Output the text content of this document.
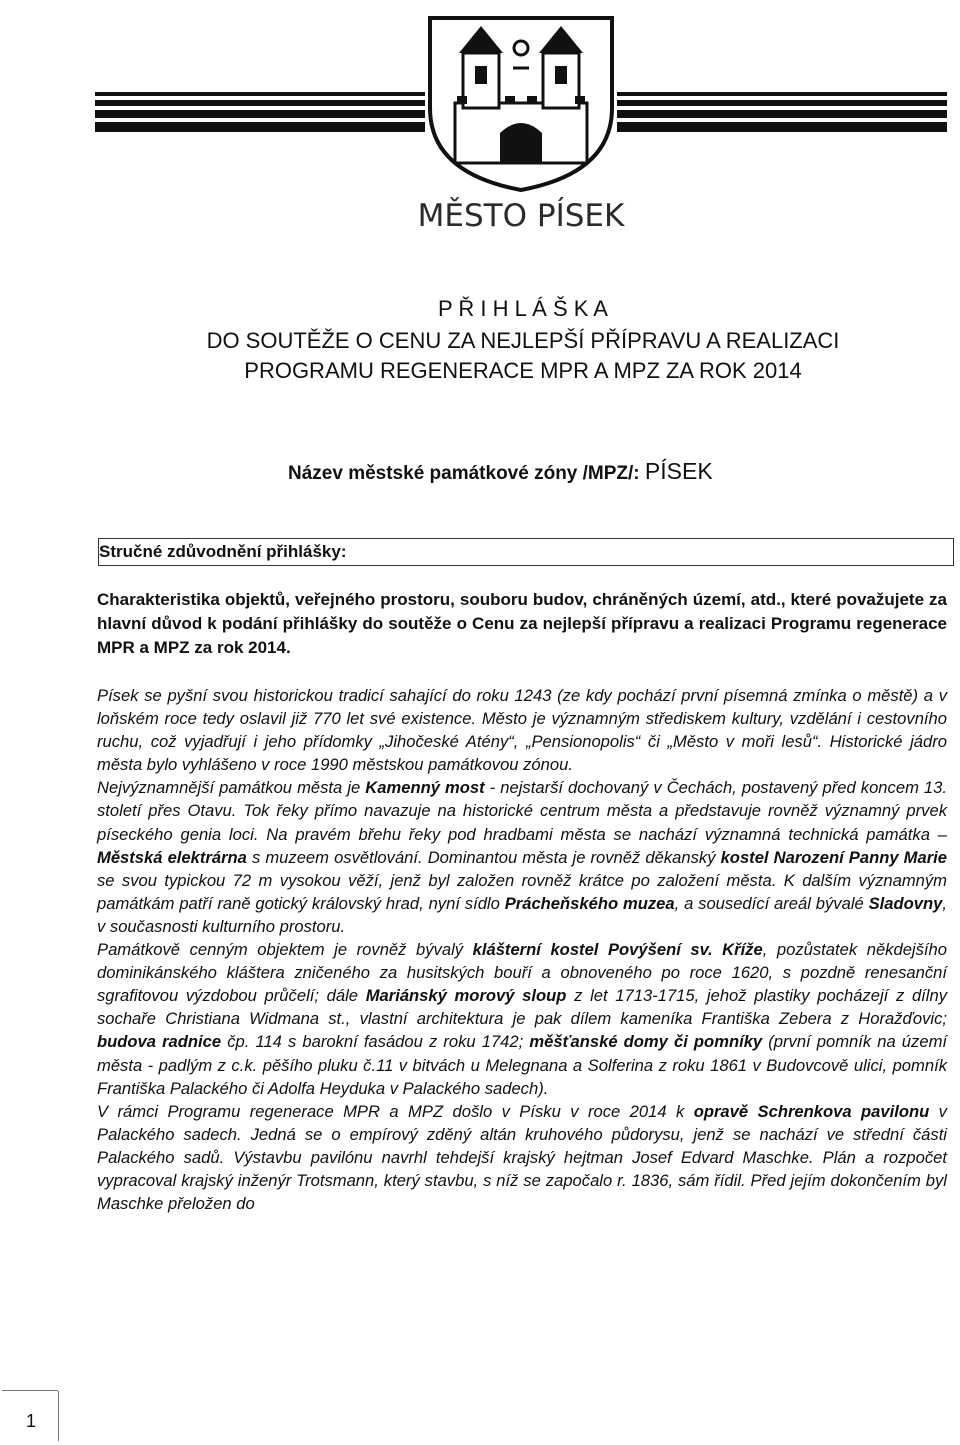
MĚSTO PÍSEK
P Ř I H L Á Š K A
DO SOUTĚŽE O CENU ZA NEJLEPŠÍ PŘÍPRAVU A REALIZACI
PROGRAMU REGENERACE MPR A MPZ ZA ROK 2014
Název městské památkové zóny /MPZ/: PÍSEK
Stručné zdůvodnění přihlášky:
Charakteristika objektů, veřejného prostoru, souboru budov, chráněných území, atd., které považujete za hlavní důvod k podání přihlášky do soutěže o Cenu za nejlepší přípravu a realizaci Programu regenerace MPR a MPZ za rok 2014.

Písek se pyšní svou historickou tradicí sahající do roku 1243 (ze kdy pochází první písemná zmínka o městě) a v loňském roce tedy oslavil již 770 let své existence. Město je významným střediskem kultury, vzdělání i cestovního ruchu, což vyjadřují i jeho přídomky „Jihočeské Atény“, „Pensionopolis“ či „Město v moři lesů“. Historické jádro města bylo vyhlášeno v roce 1990 městskou památkovou zónou.

Nejvýznamnější památkou města je Kamenný most - nejstarší dochovaný v Čechách, postavený před koncem 13. století přes Otavu. Tok řeky přímo navazuje na historické centrum města a představuje rovněž významný prvek píseckého genia loci. Na pravém břehu řeky pod hradbami města se nachází významná technická památka – Městská elektrárna s muzeem osvětlování. Dominantou města je rovněž děkanský kostel Narození Panny Marie se svou typickou 72 m vysokou věží, jenž byl založen rovněž krátce po založení města. K dalším významným památkám patří raně gotický královský hrad, nyní sídlo Prácheňského muzea, a sousedící areál bývalé Sladovny, v současnosti kulturního prostoru.

Památkově cenným objektem je rovněž bývalý klášterní kostel Povýšení sv. Kříže, pozůstatek někdejšího dominikánského kláštera zničeného za husitských bouří a obnoveného po roce 1620, s pozdně renesanční sgrafitovou výzdobou průčelí; dále Mariánský morový sloup z let 1713-1715, jehož plastiky pocházejí z dílny sochaře Christiana Widmana st., vlastní architektura je pak dílem kameníka Františka Zebera z Horažďovic; budova radnice čp. 114 s barokní fasádou z roku 1742; měšťanské domy či pomníky (první pomník na území města - padlým z c.k. pěšího pluku č.11 v bitvách u Melegnana a Solferina z roku 1861 v Budovcově ulici, pomník Františka Palackého či Adolfa Heyduka v Palackého sadech).

V rámci Programu regenerace MPR a MPZ došlo v Písku v roce 2014 k opravě Schrenkova pavilonu v Palackého sadech. Jedná se o empírový zděný altán kruhového půdorysu, jenž se nachází ve střední části Palackého sadů. Výstavbu pavilónu navrhl tehdejší krajský hejtman Josef Edvard Maschke. Plán a rozpočet vypracoval krajský inženýr Trotsmann, který stavbu, s níž se započalo r. 1836, sám řídil. Před jejím dokončením byl Maschke přeložen do

1
